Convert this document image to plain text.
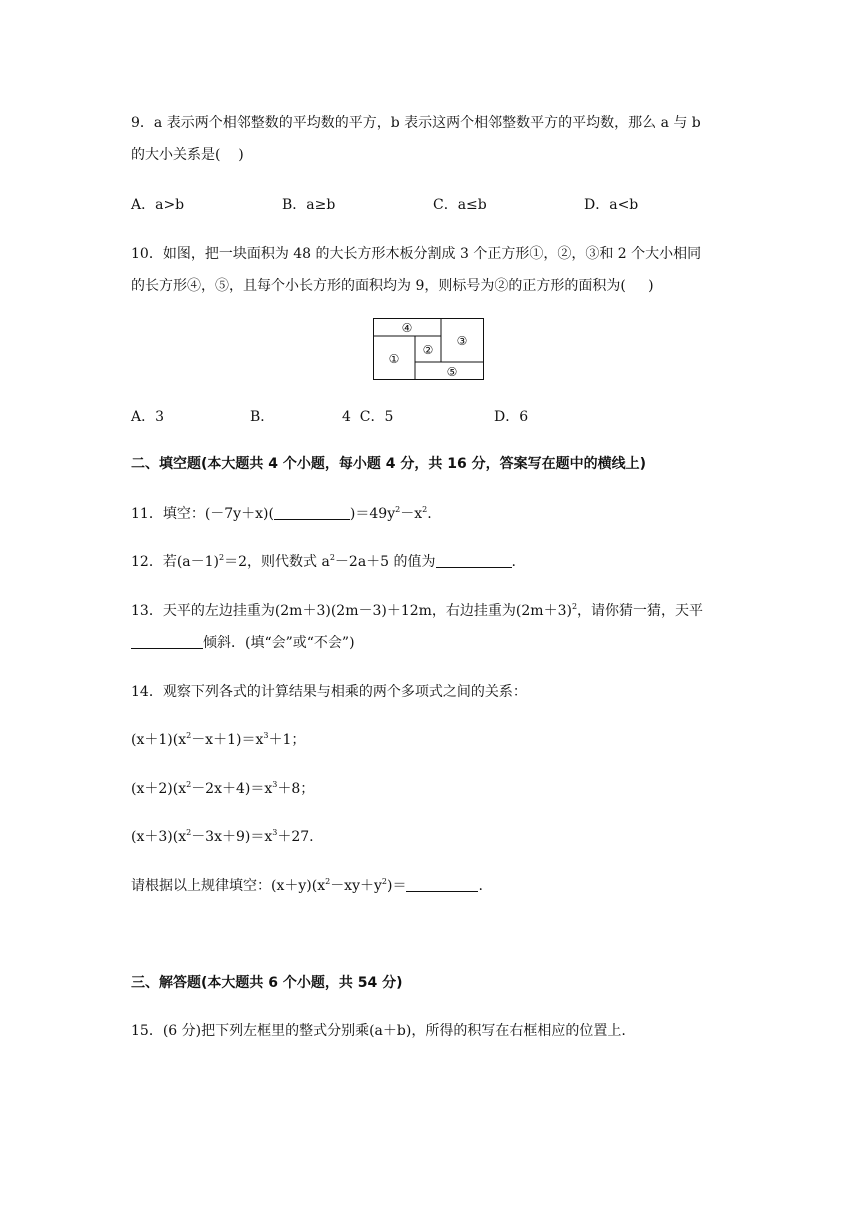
9．a 表示两个相邻整数的平均数的平方，b 表示这两个相邻整数平方的平均数，那么 a 与 b
的大小关系是(    )
A．a>b	B．a≥b	C．a≤b	D．a<b
10．如图，把一块面积为 48 的大长方形木板分割成 3 个正方形①，②，③和 2 个大小相同
的长方形④，⑤，且每个小长方形的面积均为 9，则标号为②的正方形的面积为(     )
④
①
②
③
⑤
A．3	B．	4  C．5	D．6
二、填空题(本大题共 4 个小题，每小题 4 分，共 16 分，答案写在题中的横线上)
11．填空：(－7y＋x)(	)$=49y^2-x^2$.
12．若$(a-1)^2=2$，则代数式 $a^2-2a+5$ 的值为	.
13．天平的左边挂重为(2m＋3)(2m－3)＋12m，右边挂重为$(2m+3)^2$，请你猜一猜，天平
倾斜．(填“会”或“不会”)
14．观察下列各式的计算结果与相乘的两个多项式之间的关系：
$(x+1)(x^2-x+1)=x^3+1$；
$(x+2)(x^2-2x+4)=x^3+8$；
$(x+3)(x^2-3x+9)=x^3+27$.
请根据以上规律填空：$(x+y)(x^2-xy+y^2)=$	.
三、解答题(本大题共 6 个小题，共 54 分)
15．(6 分)把下列左框里的整式分别乘(a＋b)，所得的积写在右框相应的位置上.
